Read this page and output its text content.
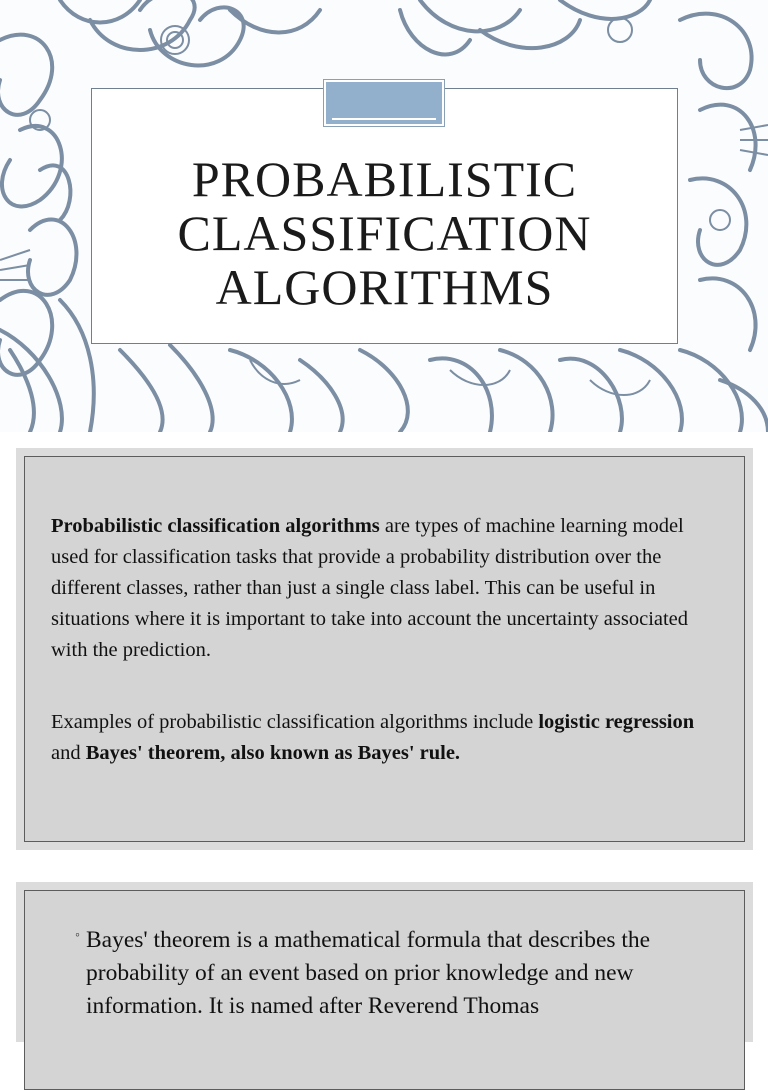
PROBABILISTIC
CLASSIFICATION
ALGORITHMS

Probabilistic classification algorithms are types of machine learning model used for classification tasks that provide a probability distribution over the different classes, rather than just a single class label. This can be useful in situations where it is important to take into account the uncertainty associated with the prediction.

Examples of probabilistic classification algorithms include logistic regression and Bayes' theorem, also known as Bayes' rule.

◦ Bayes' theorem is a mathematical formula that describes the probability of an event based on prior knowledge and new information. It is named after Reverend Thomas
